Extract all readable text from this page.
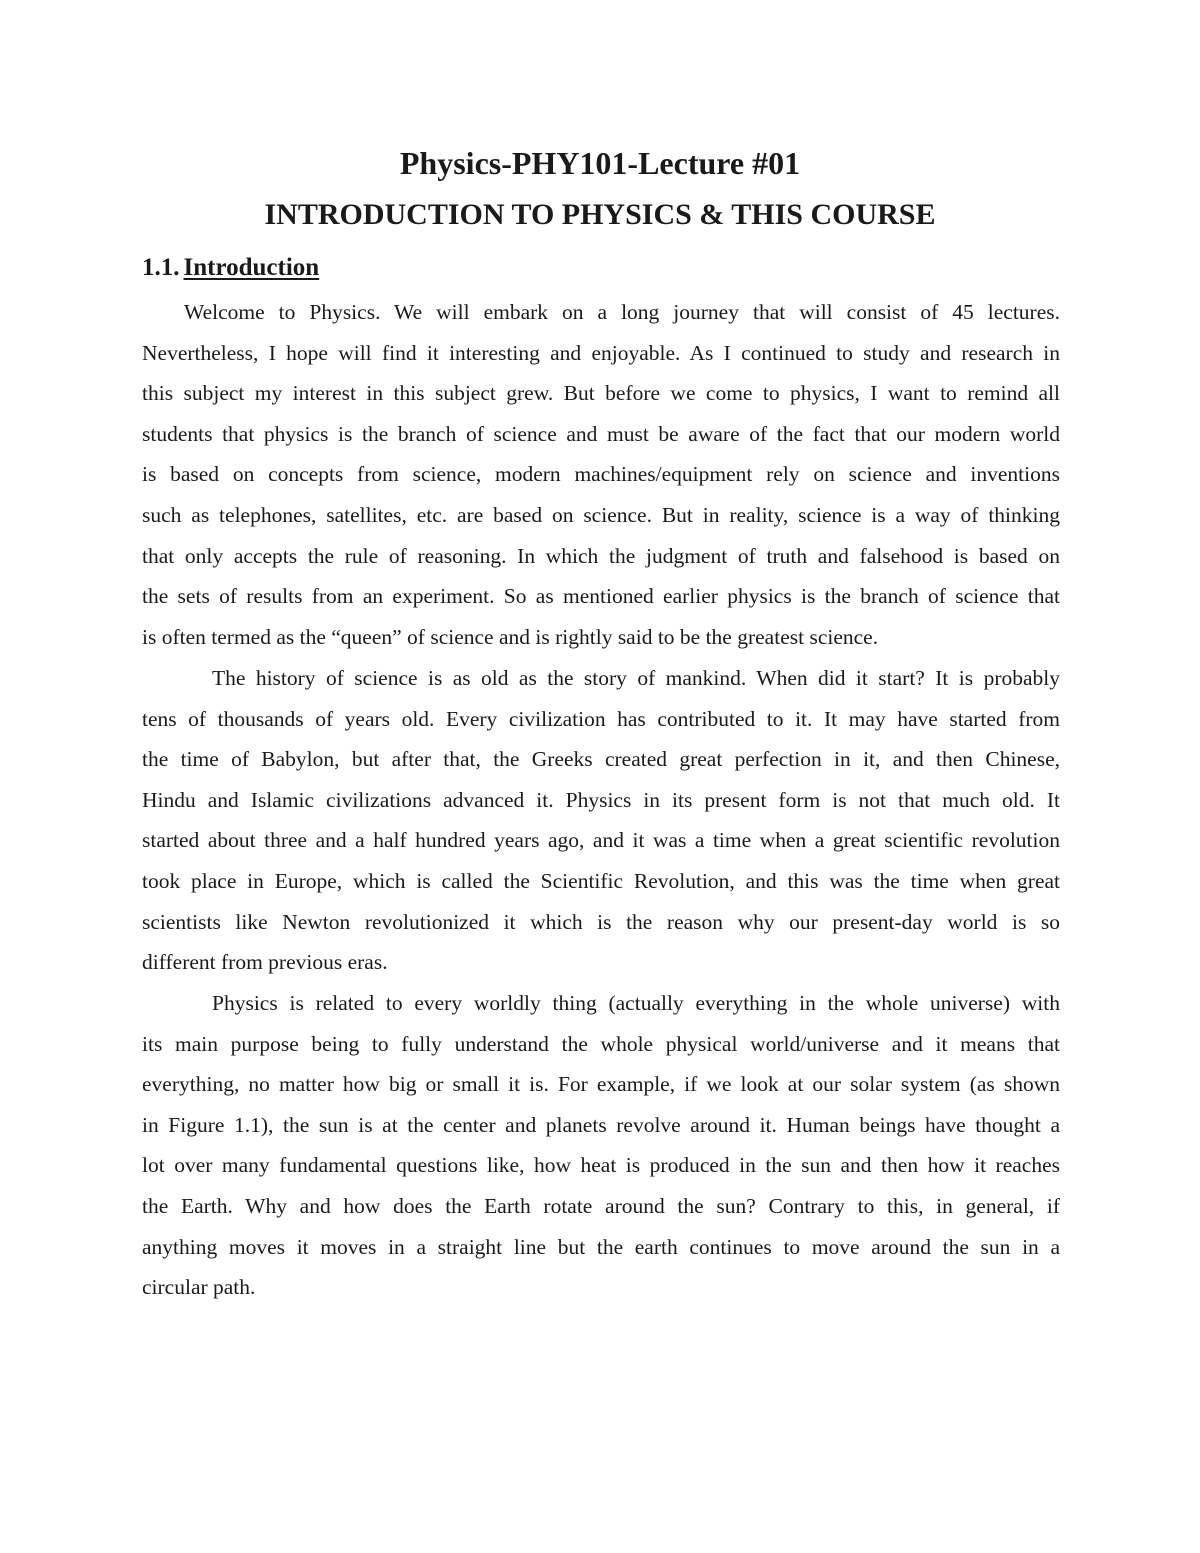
Physics-PHY101-Lecture #01
INTRODUCTION TO PHYSICS & THIS COURSE
1.1. Introduction
Welcome to Physics. We will embark on a long journey that will consist of 45 lectures.
Nevertheless, I hope will find it interesting and enjoyable. As I continued to study and research in
this subject my interest in this subject grew. But before we come to physics, I want to remind all
students that physics is the branch of science and must be aware of the fact that our modern world
is based on concepts from science, modern machines/equipment rely on science and inventions
such as telephones, satellites, etc. are based on science. But in reality, science is a way of thinking
that only accepts the rule of reasoning. In which the judgment of truth and falsehood is based on
the sets of results from an experiment. So as mentioned earlier physics is the branch of science that
is often termed as the “queen” of science and is rightly said to be the greatest science.
The history of science is as old as the story of mankind. When did it start? It is probably
tens of thousands of years old. Every civilization has contributed to it. It may have started from
the time of Babylon, but after that, the Greeks created great perfection in it, and then Chinese,
Hindu and Islamic civilizations advanced it. Physics in its present form is not that much old. It
started about three and a half hundred years ago, and it was a time when a great scientific revolution
took place in Europe, which is called the Scientific Revolution, and this was the time when great
scientists like Newton revolutionized it which is the reason why our present-day world is so
different from previous eras.
Physics is related to every worldly thing (actually everything in the whole universe) with
its main purpose being to fully understand the whole physical world/universe and it means that
everything, no matter how big or small it is. For example, if we look at our solar system (as shown
in Figure 1.1), the sun is at the center and planets revolve around it. Human beings have thought a
lot over many fundamental questions like, how heat is produced in the sun and then how it reaches
the Earth. Why and how does the Earth rotate around the sun? Contrary to this, in general, if
anything moves it moves in a straight line but the earth continues to move around the sun in a
circular path.
